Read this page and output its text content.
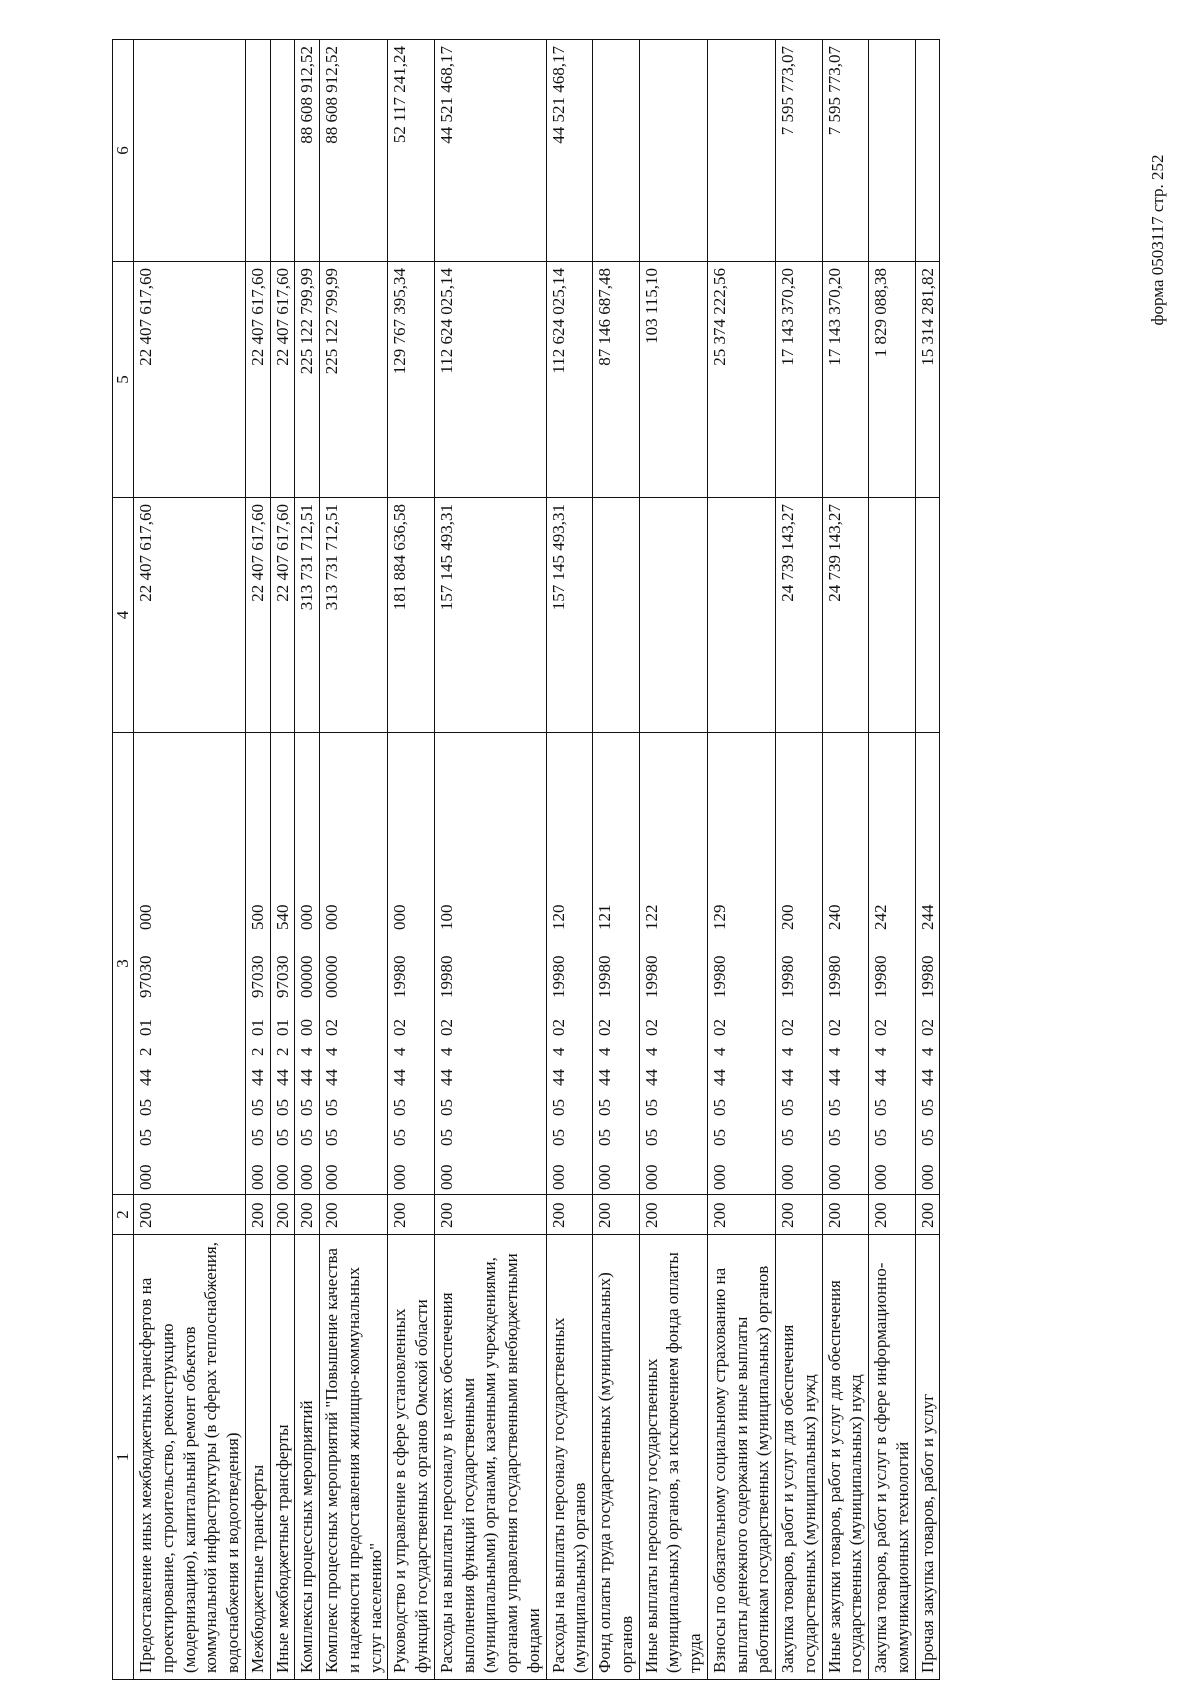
форма 0503117 стр. 252
1	2	3	4	5	6
Предоставление иных межбюджетных трансфертов на проектирование, строительство, реконструкцию (модернизацию), капитальный ремонт объектов коммунальной инфраструктуры (в сферах теплоснабжения, водоснабжения и водоотведения)	200	00005054420197030000	22 407 617,60	22 407 617,60	
Межбюджетные трансферты	200	00005054420197030500	22 407 617,60	22 407 617,60	
Иные межбюджетные трансферты	200	00005054420197030540	22 407 617,60	22 407 617,60	
Комплексы процессных мероприятий	200	00005054440000000000	313 731 712,51	225 122 799,99	88 608 912,52
Комплекс процессных мероприятий "Повышение качества и надежности предоставления жилищно-коммунальных услуг населению"	200	00005054440200000000	313 731 712,51	225 122 799,99	88 608 912,52
Руководство и управление в сфере установленных функций государственных органов Омской области	200	00005054440219980000	181 884 636,58	129 767 395,34	52 117 241,24
Расходы на выплаты персоналу в целях обеспечения выполнения функций государственными (муниципальными) органами, казенными учреждениями, органами управления государственными внебюджетными фондами	200	00005054440219980100	157 145 493,31	112 624 025,14	44 521 468,17
Расходы на выплаты персоналу государственных (муниципальных) органов	200	00005054440219980120	157 145 493,31	112 624 025,14	44 521 468,17
Фонд оплаты труда государственных (муниципальных) органов	200	00005054440219980121		87 146 687,48	
Иные выплаты персоналу государственных (муниципальных) органов, за исключением фонда оплаты труда	200	00005054440219980122		103 115,10	
Взносы по обязательному социальному страхованию на выплаты денежного содержания и иные выплаты работникам государственных (муниципальных) органов	200	00005054440219980129		25 374 222,56	
Закупка товаров, работ и услуг для обеспечения государственных (муниципальных) нужд	200	00005054440219980200	24 739 143,27	17 143 370,20	7 595 773,07
Иные закупки товаров, работ и услуг для обеспечения государственных (муниципальных) нужд	200	00005054440219980240	24 739 143,27	17 143 370,20	7 595 773,07
Закупка товаров, работ и услуг в сфере информационно-коммуникационных технологий	200	00005054440219980242		1 829 088,38	
Прочая закупка товаров, работ и услуг	200	00005054440219980244		15 314 281,82	
